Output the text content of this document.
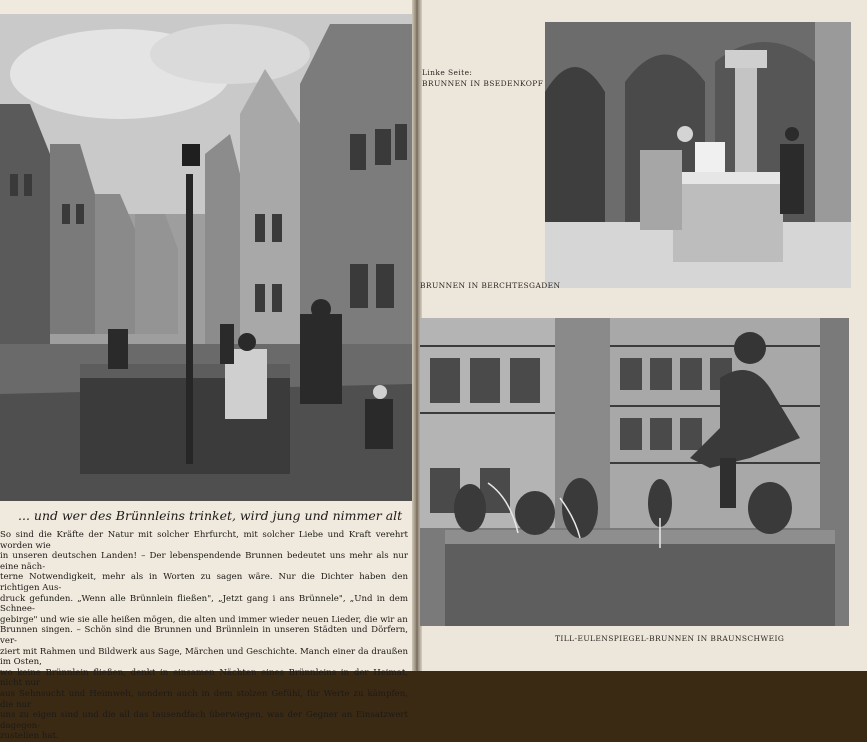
... und wer des Brünnleins trinket, wird jung und nimmer alt

So sind die Kräfte der Natur mit solcher Ehrfurcht, mit solcher Liebe und Kraft verehrt worden wie

in unseren deutschen Landen! – Der lebenspendende Brunnen bedeutet uns mehr als nur eine näch-

terne Notwendigkeit, mehr als in Worten zu sagen wäre. Nur die Dichter haben den richtigen Aus-

druck gefunden. „Wenn alle Brünnlein fließen", „Jetzt gang i ans Brünnele", „Und in dem Schnee-

gebirge" und wie sie alle heißen mögen, die alten und immer wieder neuen Lieder, die wir an

Brunnen singen. – Schön sind die Brunnen und Brünnlein in unseren Städten und Dörfern, ver-

ziert mit Rahmen und Bildwerk aus Sage, Märchen und Geschichte. Manch einer da draußen im Osten,

wo keine Brünnlein fließen, denkt in einsamen Nächten eines Brünnleins in der Heimat, nicht nur

aus Sehnsucht und Heimweh, sondern auch in dem stolzen Gefühl, für Werte zu kämpfen, die nur

uns zu eigen sind und die all das tausendfach überwiegen, was der Gegner an Einsatzwert dagegen-

zustellen hat.

Linke Seite:
BRUNNEN IN BSEDENKOPF
BRUNNEN IN BERCHTESGADEN
TILL-EULENSPIEGEL-BRUNNEN IN BRAUNSCHWEIG
